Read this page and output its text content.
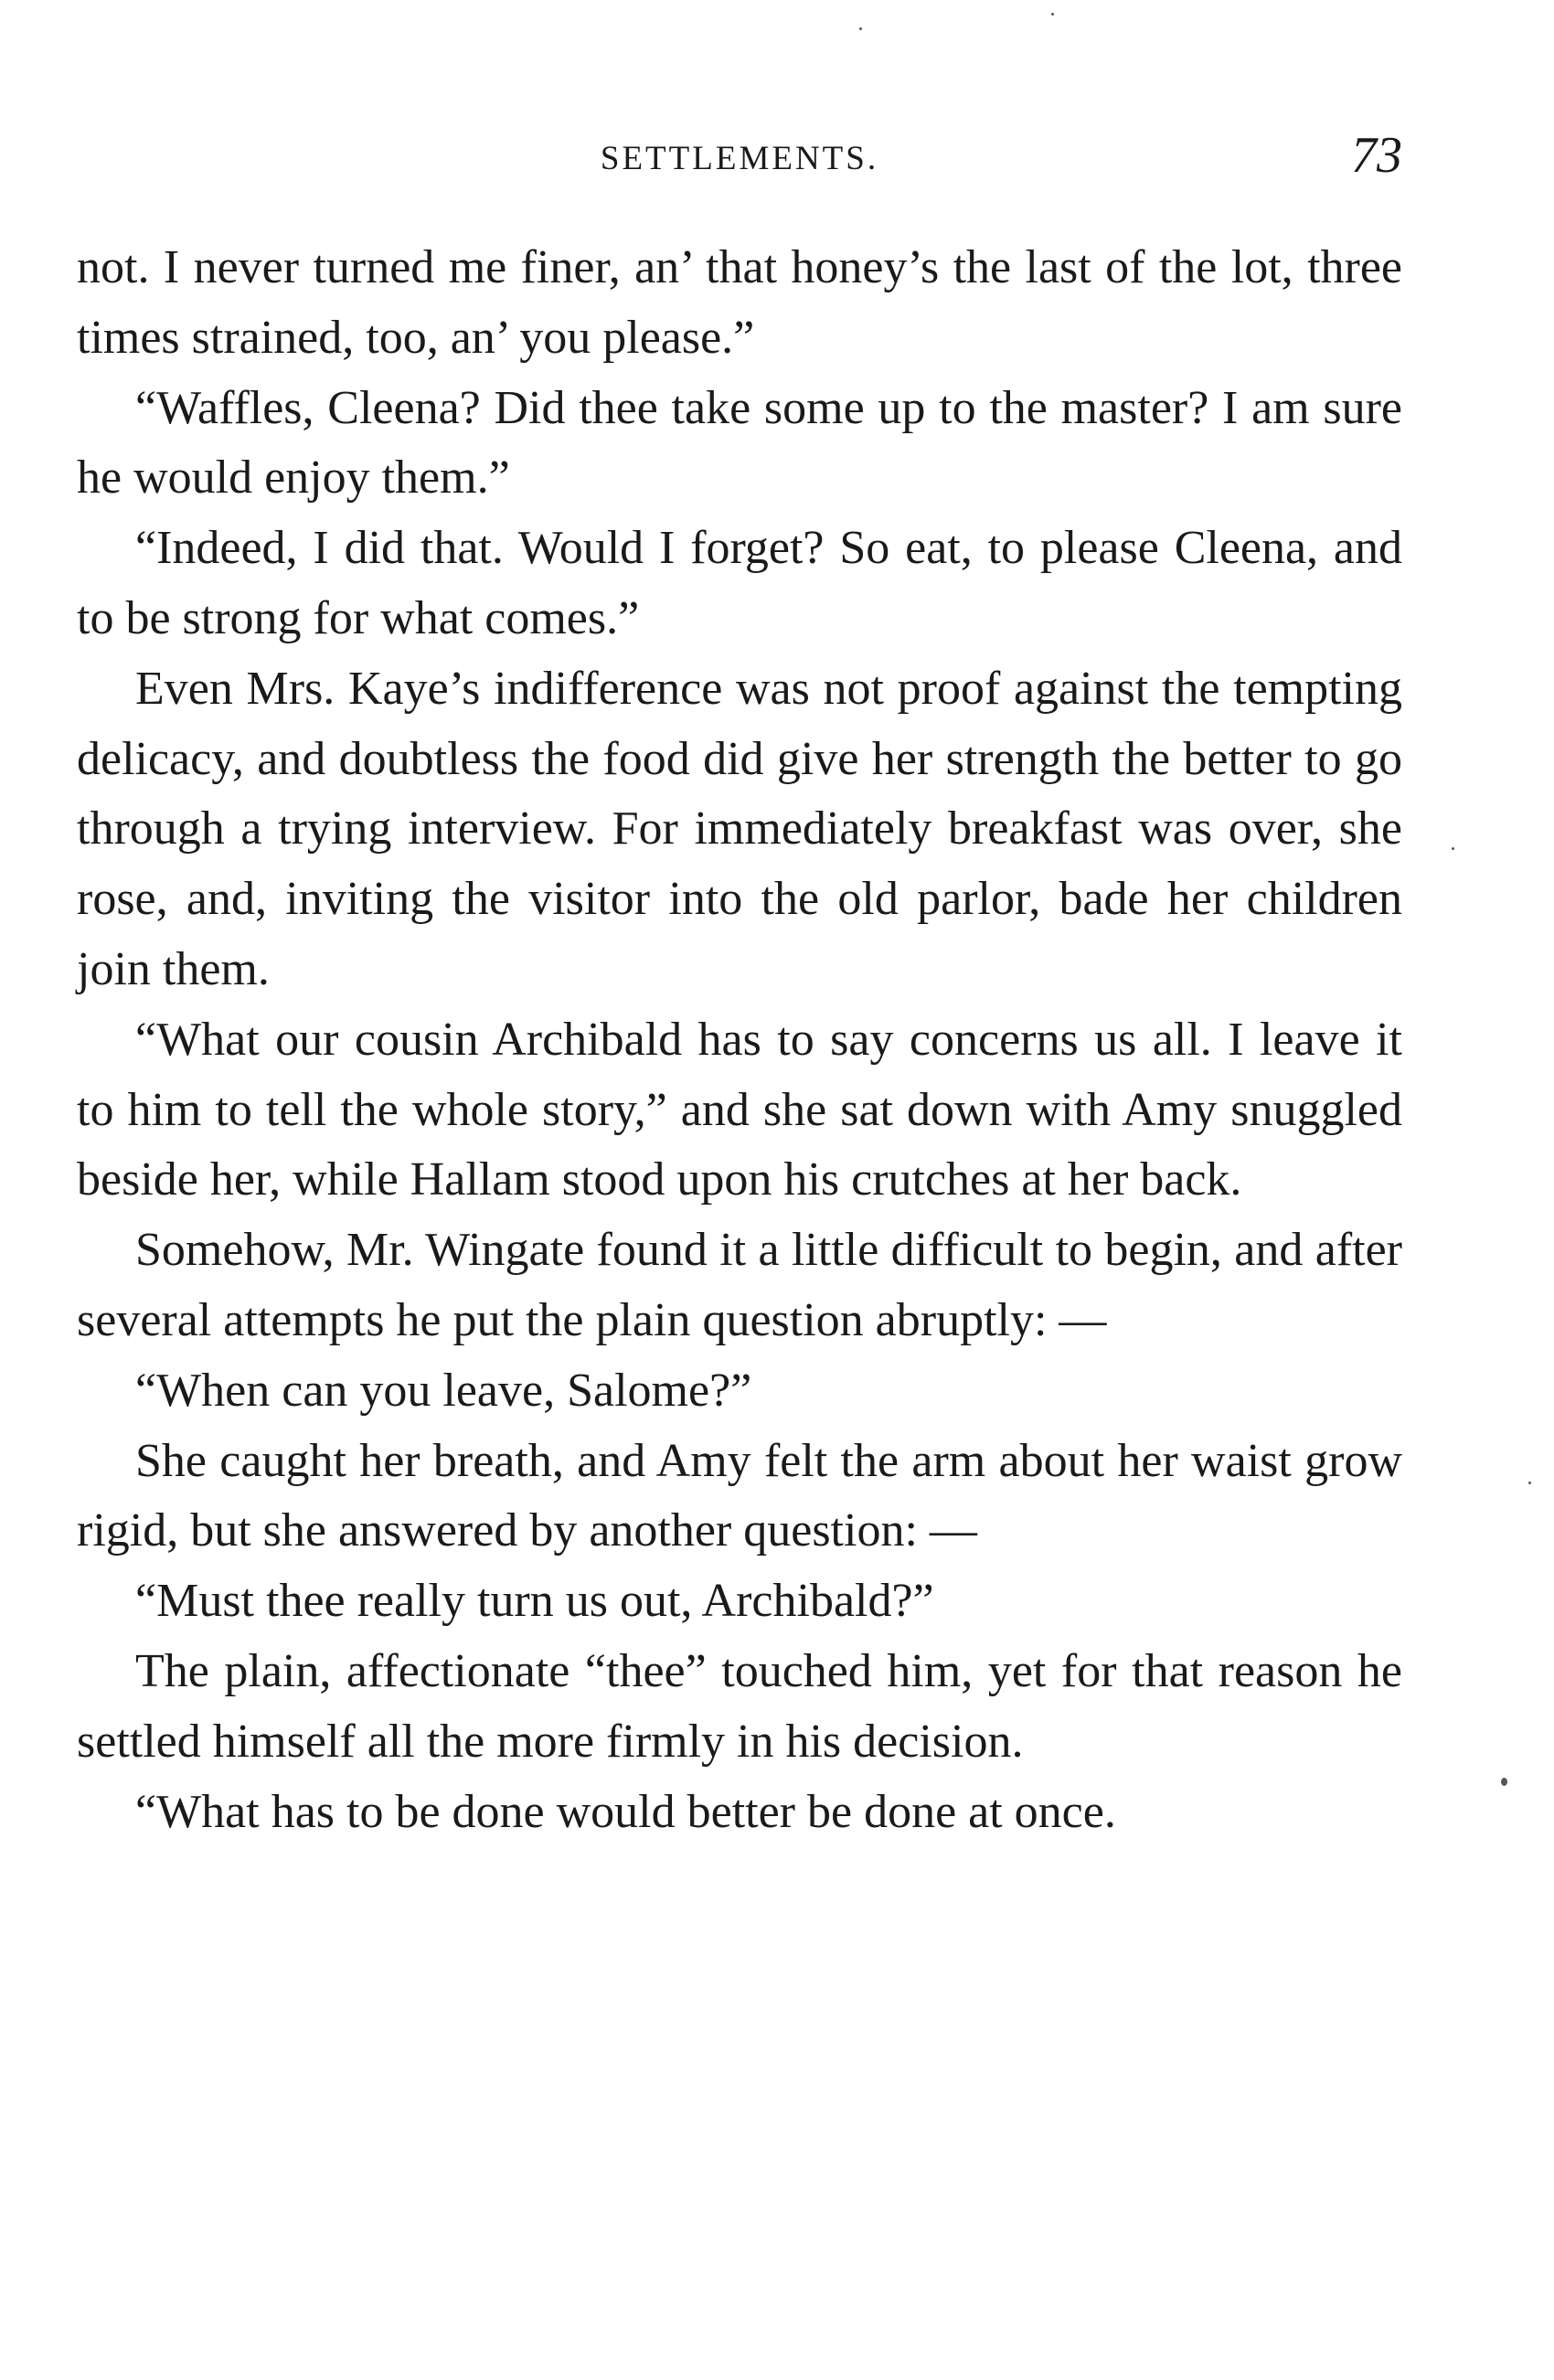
SETTLEMENTS.	73

not. I never turned me finer, an’ that honey’s the last of the lot, three times strained, too, an’ you please.”

“Waffles, Cleena? Did thee take some up to the master? I am sure he would enjoy them.”

“Indeed, I did that. Would I forget? So eat, to please Cleena, and to be strong for what comes.”

Even Mrs. Kaye’s indifference was not proof against the tempting delicacy, and doubtless the food did give her strength the better to go through a trying interview. For immediately breakfast was over, she rose, and, inviting the visitor into the old parlor, bade her children join them.

“What our cousin Archibald has to say concerns us all. I leave it to him to tell the whole story,” and she sat down with Amy snuggled beside her, while Hallam stood upon his crutches at her back.

Somehow, Mr. Wingate found it a little difficult to begin, and after several attempts he put the plain question abruptly: —

“When can you leave, Salome?”

She caught her breath, and Amy felt the arm about her waist grow rigid, but she answered by another question: —

“Must thee really turn us out, Archibald?”

The plain, affectionate “thee” touched him, yet for that reason he settled himself all the more firmly in his decision.

“What has to be done would better be done at once.
